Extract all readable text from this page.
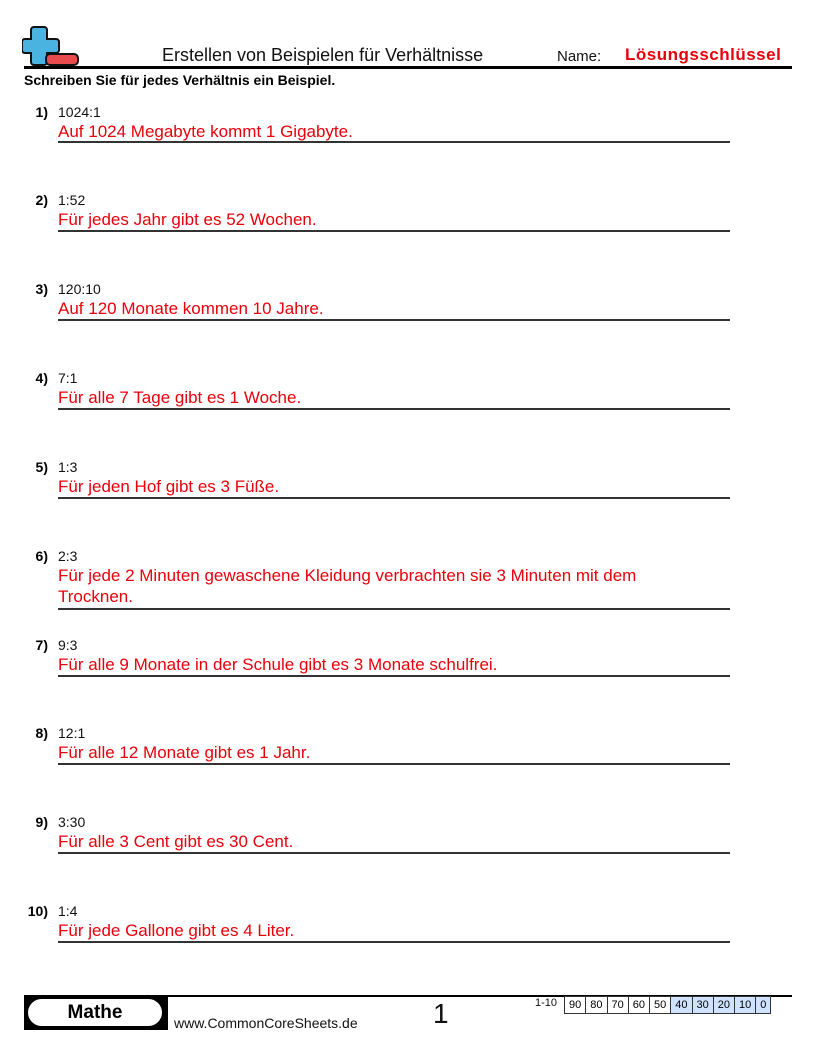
Erstellen von Beispielen für Verhältnisse	Name: Lösungsschlüssel
Schreiben Sie für jedes Verhältnis ein Beispiel.
1) 1024:1
Auf 1024 Megabyte kommt 1 Gigabyte.
2) 1:52
Für jedes Jahr gibt es 52 Wochen.
3) 120:10
Auf 120 Monate kommen 10 Jahre.
4) 7:1
Für alle 7 Tage gibt es 1 Woche.
5) 1:3
Für jeden Hof gibt es 3 Füße.
6) 2:3
Für jede 2 Minuten gewaschene Kleidung verbrachten sie 3 Minuten mit dem Trocknen.
7) 9:3
Für alle 9 Monate in der Schule gibt es 3 Monate schulfrei.
8) 12:1
Für alle 12 Monate gibt es 1 Jahr.
9) 3:30
Für alle 3 Cent gibt es 30 Cent.
10) 1:4
Für jede Gallone gibt es 4 Liter.
Mathe	www.CommonCoreSheets.de	1	1-10 90	80	70	60	50	40	30	20	10	0
